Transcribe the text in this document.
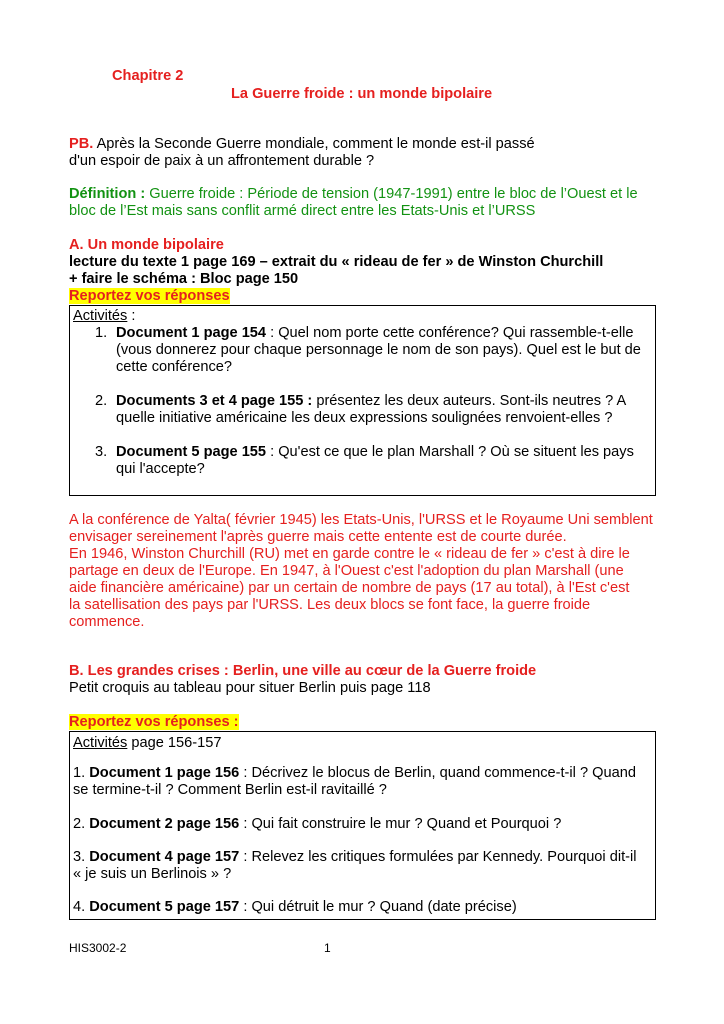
Chapitre 2
La Guerre froide : un monde bipolaire
PB. Après la Seconde Guerre mondiale, comment le monde est-il passé
d'un espoir de paix à un affrontement durable ?
Définition : Guerre froide : Période de tension (1947-1991) entre le bloc de l’Ouest et le
bloc de l’Est mais sans conflit armé direct entre les Etats-Unis et l’URSS
A. Un monde bipolaire
lecture du texte 1 page 169 – extrait du « rideau de fer » de Winston Churchill
+ faire le schéma : Bloc page 150
Reportez vos réponses
Activités :
1. Document 1 page 154 : Quel nom porte cette conférence? Qui rassemble-t-elle
(vous donnerez pour chaque personnage le nom de son pays). Quel est le but de
cette conférence?
2. Documents 3 et 4 page 155 : présentez les deux auteurs. Sont-ils neutres ? A
quelle initiative américaine les deux expressions soulignées renvoient-elles ?
3. Document 5 page 155 : Qu'est ce que le plan Marshall ? Où se situent les pays
qui l'accepte?
A la conférence de Yalta( février 1945) les Etats-Unis, l'URSS et le Royaume Uni semblent
envisager sereinement l'après guerre mais cette entente est de courte durée.
En 1946, Winston Churchill (RU) met en garde contre le « rideau de fer » c'est à dire le
partage en deux de l'Europe. En 1947, à l'Ouest c'est l'adoption du plan Marshall (une
aide financière américaine) par un certain de nombre de pays (17 au total), à l'Est c'est
la satellisation des pays par l'URSS. Les deux blocs se font face, la guerre froide
commence.
B. Les grandes crises : Berlin, une ville au cœur de la Guerre froide
Petit croquis au tableau pour situer Berlin puis page 118
Reportez vos réponses :
Activités page 156-157
1. Document 1 page 156 : Décrivez le blocus de Berlin, quand commence-t-il ? Quand
se termine-t-il ? Comment Berlin est-il ravitaillé ?
2. Document 2 page 156 : Qui fait construire le mur ? Quand et Pourquoi ?
3. Document 4 page 157 : Relevez les critiques formulées par Kennedy. Pourquoi dit-il
« je suis un Berlinois » ?
4. Document 5 page 157 : Qui détruit le mur ? Quand (date précise)
HIS3002-2	1
